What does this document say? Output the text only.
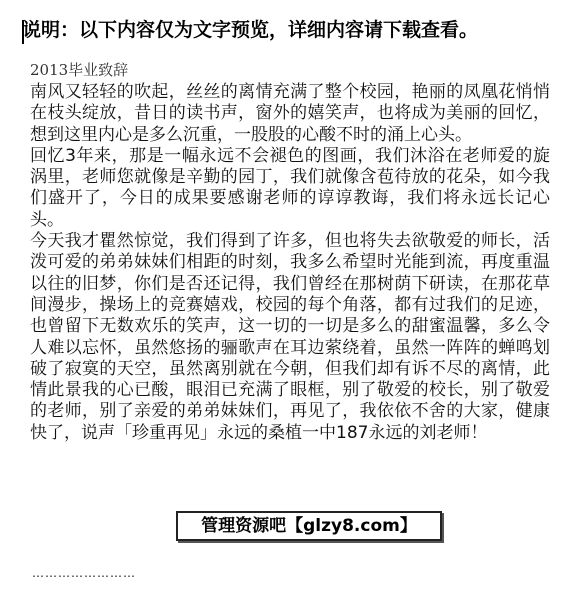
说明：以下内容仅为文字预览，详细内容请下载查看。
2013毕业致辞

南风又轻轻的吹起，丝丝的离情充满了整个校园，艳丽的凤凰花悄悄在枝头绽放，昔日的读书声，窗外的嬉笑声，也将成为美丽的回忆，想到这里内心是多么沉重，一股股的心酸不时的涌上心头。

回忆3年来，那是一幅永远不会褪色的图画，我们沐浴在老师爱的旋涡里，老师您就像是辛勤的园丁，我们就像含苞待放的花朵，如今我们盛开了，今日的成果要感谢老师的谆谆教诲，我们将永远长记心头。

今天我才瞿然惊觉，我们得到了许多，但也将失去欲敬爱的师长，活泼可爱的弟弟妹妹们相距的时刻，我多么希望时光能到流，再度重温以往的旧梦，你们是否还记得，我们曾经在那树荫下研读，在那花草间漫步，操场上的竞赛嬉戏，校园的每个角落，都有过我们的足迹，也曾留下无数欢乐的笑声，这一切的一切是多么的甜蜜温馨，多么令人难以忘怀，虽然悠扬的骊歌声在耳边萦绕着，虽然一阵阵的蝉鸣划破了寂寞的天空，虽然离别就在今朝，但我们却有诉不尽的离情，此情此景我的心已酸，眼泪已充满了眼框，别了敬爱的校长，别了敬爱的老师，别了亲爱的弟弟妹妹们，再见了，我依依不舍的大家，健康快了，说声「珍重再见」永远的桑植一中187永远的刘老师！

……………………
管理资源吧【glzy8.com】
